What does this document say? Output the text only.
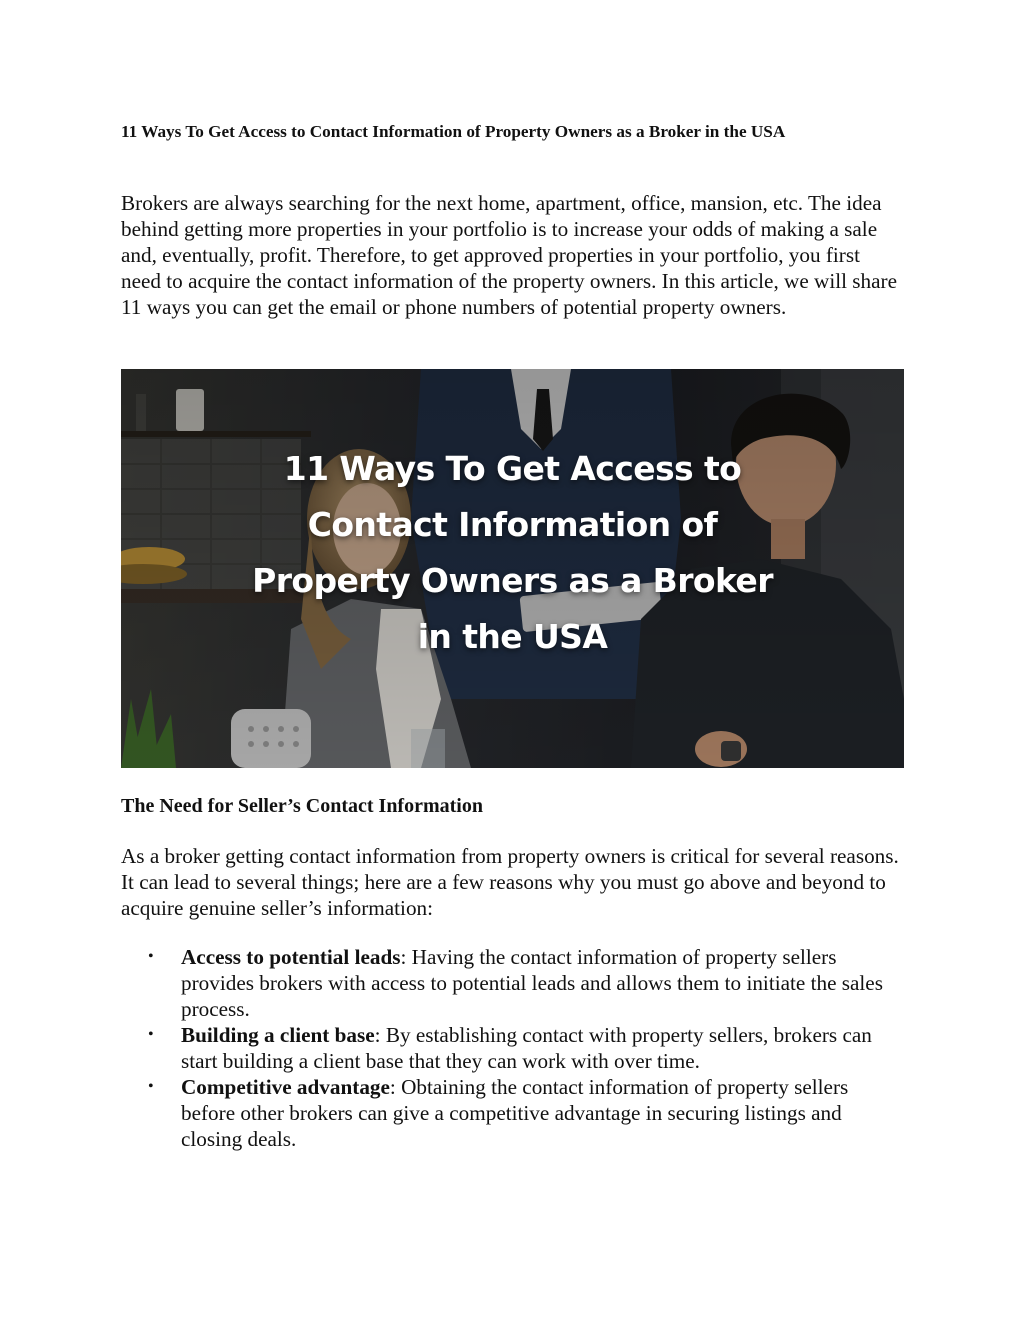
11 Ways To Get Access to Contact Information of Property Owners as a Broker in the USA

Brokers are always searching for the next home, apartment, office, mansion, etc. The idea behind getting more properties in your portfolio is to increase your odds of making a sale and, eventually, profit. Therefore, to get approved properties in your portfolio, you first need to acquire the contact information of the property owners. In this article, we will share 11 ways you can get the email or phone numbers of potential property owners.

11 Ways To Get Access to
Contact Information of
Property Owners as a Broker
in the USA
The Need for Seller’s Contact Information

As a broker getting contact information from property owners is critical for several reasons. It can lead to several things; here are a few reasons why you must go above and beyond to acquire genuine seller’s information:

• Access to potential leads: Having the contact information of property sellers provides brokers with access to potential leads and allows them to initiate the sales process.
• Building a client base: By establishing contact with property sellers, brokers can start building a client base that they can work with over time.
• Competitive advantage: Obtaining the contact information of property sellers before other brokers can give a competitive advantage in securing listings and closing deals.
